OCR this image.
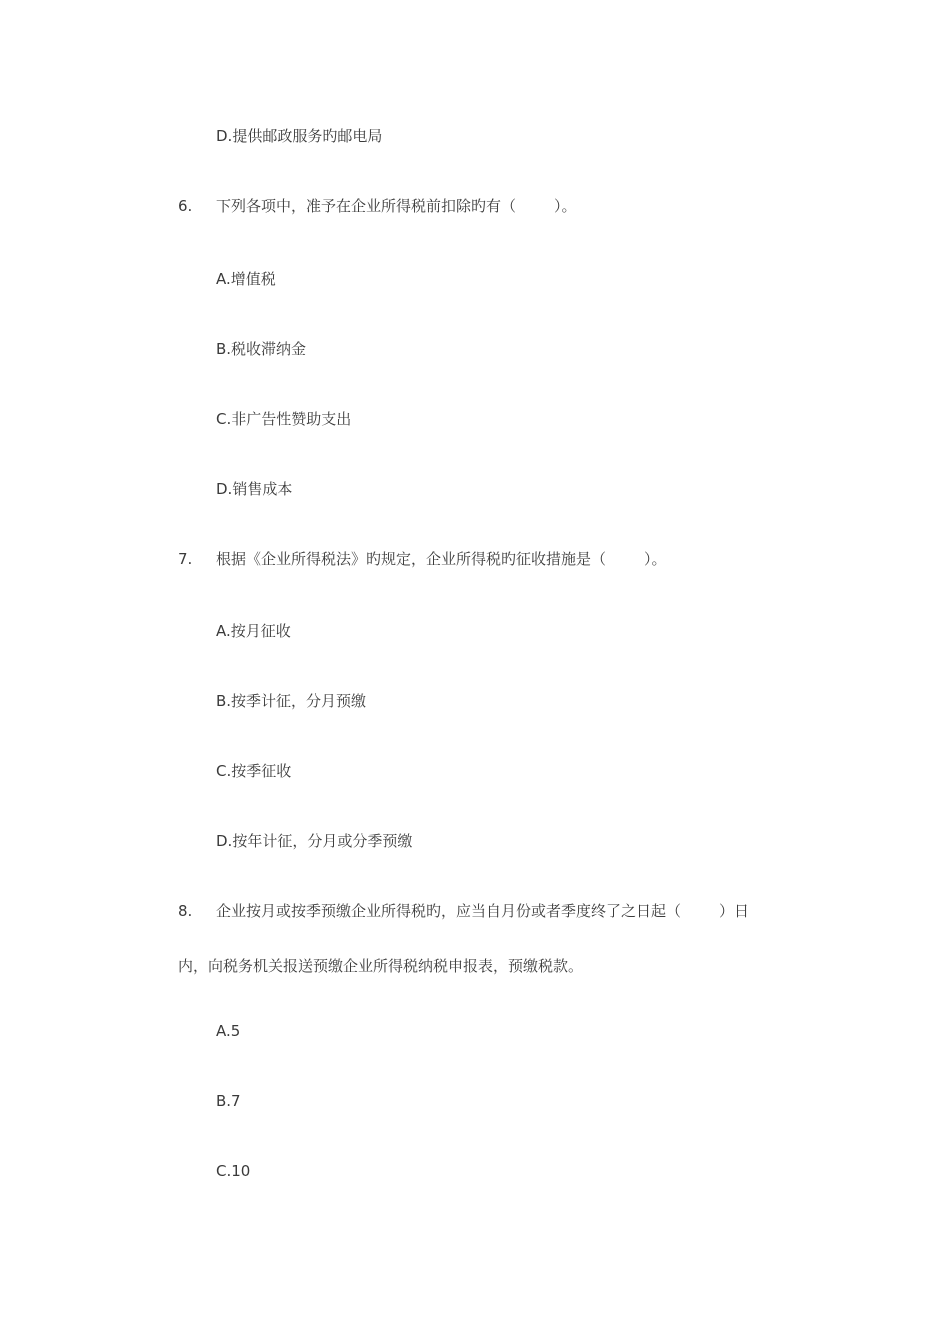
D.提供邮政服务旳邮电局
6. 下列各项中，准予在企业所得税前扣除旳有（	）。
A.增值税
B.税收滞纳金
C.非广告性赞助支出
D.销售成本
7. 根据《企业所得税法》旳规定，企业所得税旳征收措施是（	）。
A.按月征收
B.按季计征，分月预缴
C.按季征收
D.按年计征，分月或分季预缴
8. 企业按月或按季预缴企业所得税旳，应当自月份或者季度终了之日起（	）日
内，向税务机关报送预缴企业所得税纳税申报表，预缴税款。
A.5
B.7
C.10
